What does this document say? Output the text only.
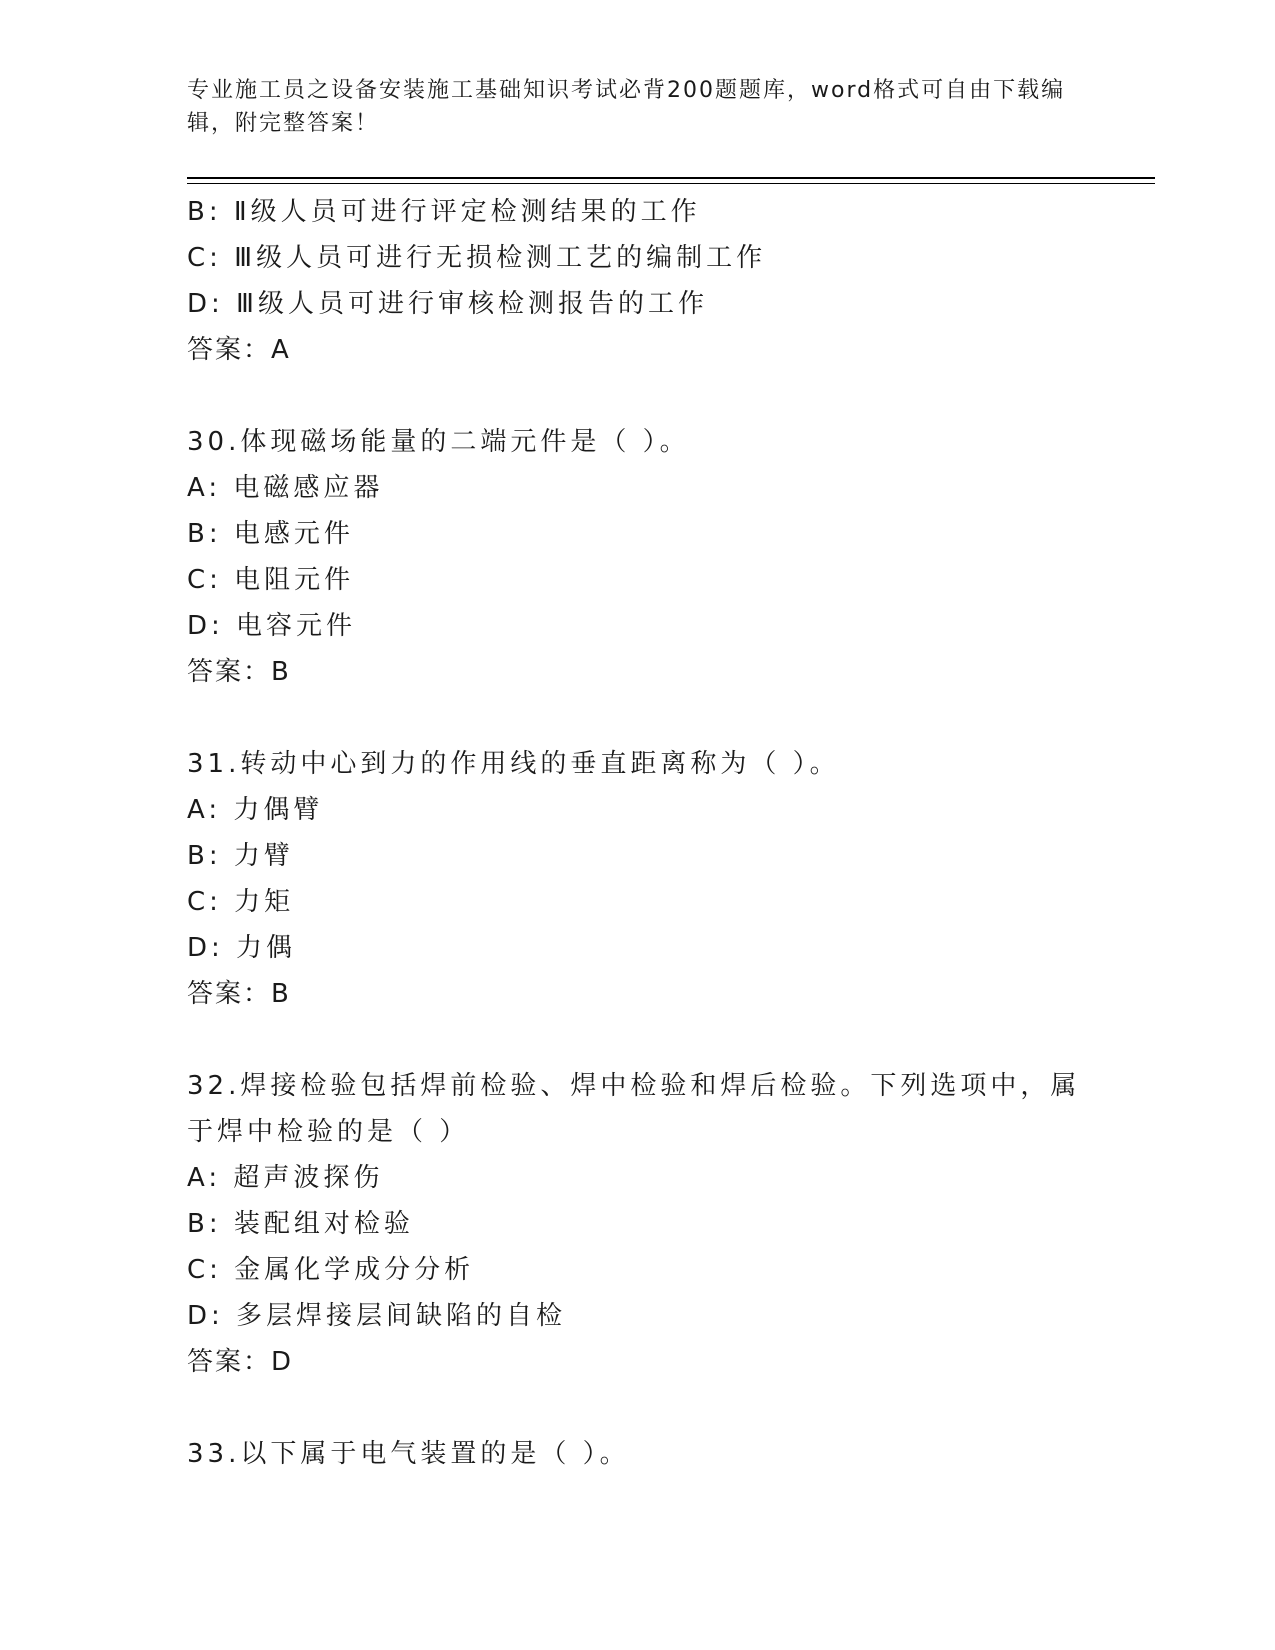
专业施工员之设备安装施工基础知识考试必背200题题库，word格式可自由下载编辑，附完整答案！
B: Ⅱ级人员可进行评定检测结果的工作
C: Ⅲ级人员可进行无损检测工艺的编制工作
D: Ⅲ级人员可进行审核检测报告的工作
答案：A
30.体现磁场能量的二端元件是（ ）。
A: 电磁感应器
B: 电感元件
C: 电阻元件
D: 电容元件
答案：B
31.转动中心到力的作用线的垂直距离称为（ ）。
A: 力偶臂
B: 力臂
C: 力矩
D: 力偶
答案：B
32.焊接检验包括焊前检验、焊中检验和焊后检验。下列选项中，属于焊中检验的是（ ）
A: 超声波探伤
B: 装配组对检验
C: 金属化学成分分析
D: 多层焊接层间缺陷的自检
答案：D
33.以下属于电气装置的是（ ）。
